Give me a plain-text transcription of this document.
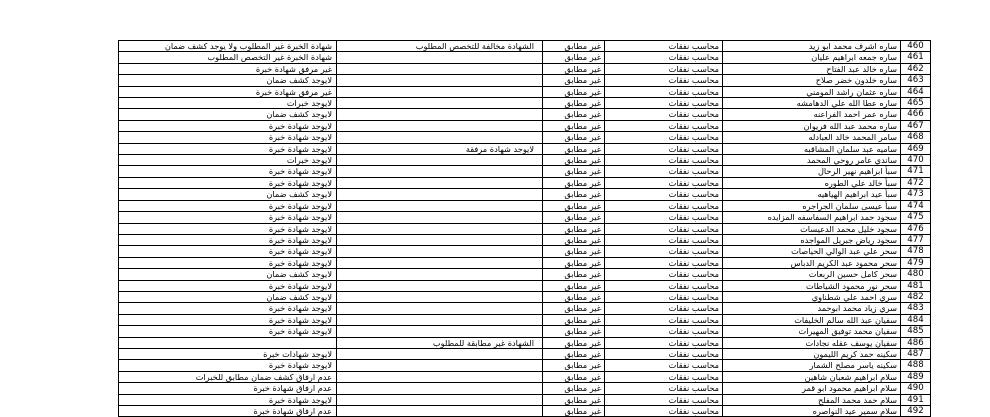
460	ساره اشرف محمد ابو زيد	محاسب نفقات	غير مطابق	الشهادة مخالفة للتخصص المطلوب	شهادة الخبرة غير المطلوب ولا يوجد كشف ضمان
461	ساره جمعه ابراهيم عليان	محاسب نفقات	غير مطابق		شهادة الخبرة غير التخصص المطلوب
462	ساره خالد عبد الفتاح	محاسب نفقات	غير مطابق		غير مرفق شهادة خبرة
463	ساره خلدون خضر صلاح	محاسب نفقات	غير مطابق		لايوجد كشف ضمان
464	ساره عثمان راشد المومني	محاسب نفقات	غير مطابق		غير مرفق شهادة خبرة
465	ساره عطا الله علي الدهامشه	محاسب نفقات	غير مطابق		لايوجد خبرات
466	ساره عمر احمد الفراعنه	محاسب نفقات	غير مطابق		لايوجد كشف ضمان
467	ساره محمد عبد الله فريوان	محاسب نفقات	غير مطابق		لايوجد شهادة خبرة
468	سامر المحمد خالد العبادله	محاسب نفقات	غير مطابق		لايوجد شهادة خبرة
469	ساميه عبد سلمان المشاقبه	محاسب نفقات	غير مطابق	لايوجد شهادة مرفقة	لايوجد شهادة خبرة
470	ساندي عامر روحي المحمد	محاسب نفقات	غير مطابق		لايوجد خبرات
471	سبأ ابراهيم نهير الرحال	محاسب نفقات	غير مطابق		لايوجد شهادة خبرة
472	سبأ خالد علي الطوره	محاسب نفقات	غير مطابق		لايوجد شهادة خبرة
473	سبأ عيد ابراهيم الهياهيه	محاسب نفقات	غير مطابق		لايوجد كشف ضمان
474	سبأ عيسى سلمان الجراجره	محاسب نفقات	غير مطابق		لايوجد شهادة خبرة
475	سجود حمد ابراهيم السفاسفه المزايده	محاسب نفقات	غير مطابق		لايوجد شهادة خبرة
476	سجود خليل محمد الدعيسات	محاسب نفقات	غير مطابق		لايوجد شهادة خبرة
477	سجود رياض جبريل المواجده	محاسب نفقات	غير مطابق		لايوجد شهادة خبرة
478	سحر علي عبد الوالي الحياصات	محاسب نفقات	غير مطابق		لايوجد شهادة خبرة
479	سحر محمود عبد الكريم الدباس	محاسب نفقات	غير مطابق		لايوجد شهادة خبرة
480	سحر كامل حسين الربعات	محاسب نفقات	غير مطابق		لايوجد كشف ضمان
481	سحر نور محمود الشياطات	محاسب نفقات	غير مطابق		لايوجد شهادة خبرة
482	سري احمد علي شطناوي	محاسب نفقات	غير مطابق		لايوجد كشف ضمان
483	سري زياد محمد ابوحمد	محاسب نفقات	غير مطابق		لايوجد شهادة خبرة
484	سفيان عبد الله سالم الخليفات	محاسب نفقات	غير مطابق		لايوجد شهادة خبرة
485	سفيان محمد توفيق المهيرات	محاسب نفقات	غير مطابق		لايوجد شهادة خبرة
486	سفيان يوسف عقله نجادات	محاسب نفقات	غير مطابق	الشهادة غير مطابقة للمطلوب	
487	سكينه حمد كريم الليمون	محاسب نفقات	غير مطابق		لايوجد شهادات خبرة
488	سكينه ياسر مصلح الشمار	محاسب نفقات	غير مطابق		لايوجد شهادة خبرة
489	سلام ابراهيم شعبان شاهين	محاسب نفقات	غير مطابق		عدم ارفاق كشف ضمان مطابق للخبرات
490	سلام ابراهيم محمود ابو قمر	محاسب نفقات	غير مطابق		عدم ارفاق شهادة خبرة
491	سلام حمد محمد المفلح	محاسب نفقات	غير مطابق		لايوجد شهادة خبرة
492	سلام سمير عيد النواصره	محاسب نفقات	غير مطابق		عدم ارفاق شهادة خبرة
